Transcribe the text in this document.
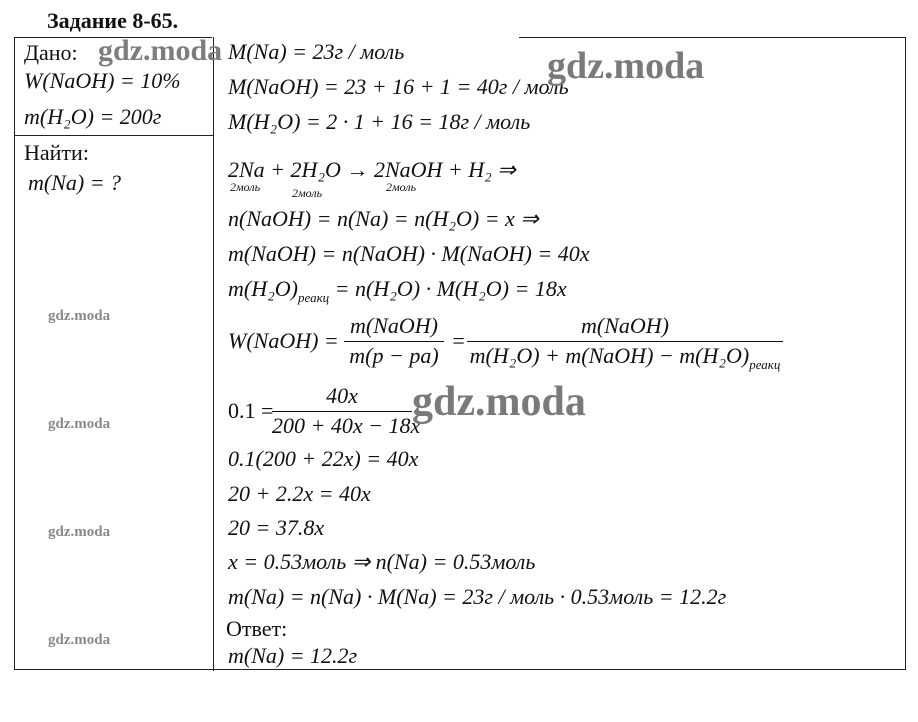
Задание 8-65.
Дано:
W(NaOH) = 10%
m(H₂O) = 200г
Найти:
m(Na) = ?
M(Na) = 23г / моль
M(NaOH) = 23 + 16 + 1 = 40г / моль
M(H₂O) = 2 · 1 + 16 = 18г / моль
2Na + 2H₂O → 2NaOH + H₂ ⇒
2моль	2моль	2моль
n(NaOH) = n(Na) = n(H₂O) = x ⇒
m(NaOH) = n(NaOH) · M(NaOH) = 40x
$m(H_2O)_{реакц} = n(H_2O) \cdot M(H_2O) = 18x$
W(NaOH) =
m(NaOH)
m(p − pa)
=
m(NaOH)
m(H₂O) + m(NaOH) − $m(H_2O)_{реакц}$
0.1 =
40x
200 + 40x − 18x
0.1(200 + 22x) = 40x
20 + 2.2x = 40x
20 = 37.8x
x = 0.53моль ⇒ n(Na) = 0.53моль
m(Na) = n(Na) · M(Na) = 23г / моль · 0.53моль = 12.2г
Ответ:
m(Na) = 12.2г
gdz.moda	gdz.moda
gdz.moda
gdz.moda
gdz.moda
gdz.moda
gdz.moda
